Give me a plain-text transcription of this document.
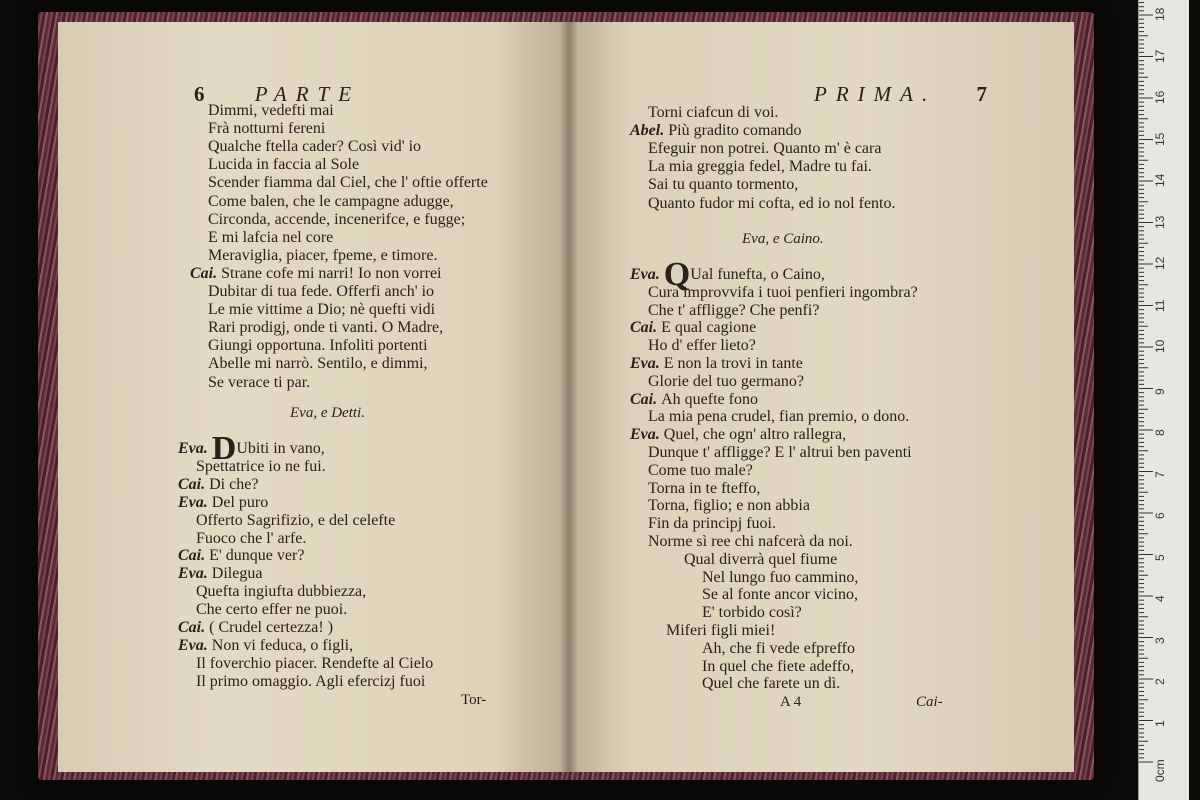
6 PARTE
Dimmi, vedefti mai
Frà notturni fereni
Qualche ftella cader? Così vid' io
Lucida in faccia al Sole
Scender fiamma dal Ciel, che l' oftie offerte
Come balen, che le campagne adugge,
Circonda, accende, incenerifce, e fugge;
E mi lafcia nel core
Meraviglia, piacer, fpeme, e timore.
Cai. Strane cofe mi narri! Io non vorrei
Dubitar di tua fede. Offerfi anch' io
Le mie vittime a Dio; nè quefti vidi
Rari prodigj, onde ti vanti. O Madre,
Giungi opportuna. Infoliti portenti
Abelle mi narrò. Sentilo, e dimmi,
Se verace ti par.
Eva, e Detti.
Eva. DUbiti in vano,
Spettatrice io ne fui.
Cai. Di che?
Eva. Del puro
Offerto Sagrifizio, e del celefte
Fuoco che l' arfe.
Cai. E' dunque ver?
Eva. Dilegua
Quefta ingiufta dubbiezza,
Che certo effer ne puoi.
Cai. ( Crudel certezza! )
Eva. Non vi feduca, o figli,
Il foverchio piacer. Rendefte al Cielo
Il primo omaggio. Agli efercizj fuoi
Tor-
PRIMA. 7
Torni ciafcun di voi.
Abel. Più gradito comando
Efeguir non potrei. Quanto m' è cara
La mia greggia fedel, Madre tu fai.
Sai tu quanto tormento,
Quanto fudor mi cofta, ed io nol fento.
Eva, e Caino.
Eva. QUal funefta, o Caino,
Cura improvvifa i tuoi penfieri ingombra?
Che t' affligge? Che penfi?
Cai. E qual cagione
Ho d' effer lieto?
Eva. E non la trovi in tante
Glorie del tuo germano?
Cai. Ah quefte fono
La mia pena crudel, fian premio, o dono.
Eva. Quel, che ogn' altro rallegra,
Dunque t' affligge? E l' altrui ben paventi
Come tuo male?
Torna in te fteffo,
Torna, figlio; e non abbia
Fin da principj fuoi.
Norme sì ree chi nafcerà da noi.
Qual diverrà quel fiume
Nel lungo fuo cammino,
Se al fonte ancor vicino,
E' torbido così?
Miferi figli miei!
Ah, che fi vede efpreffo
In quel che fiete adeffo,
Quel che farete un dì.
A 4	Cai-
0cm
1
2
3
4
5
6
7
8
9
10
11
12
13
14
15
16
17
18
